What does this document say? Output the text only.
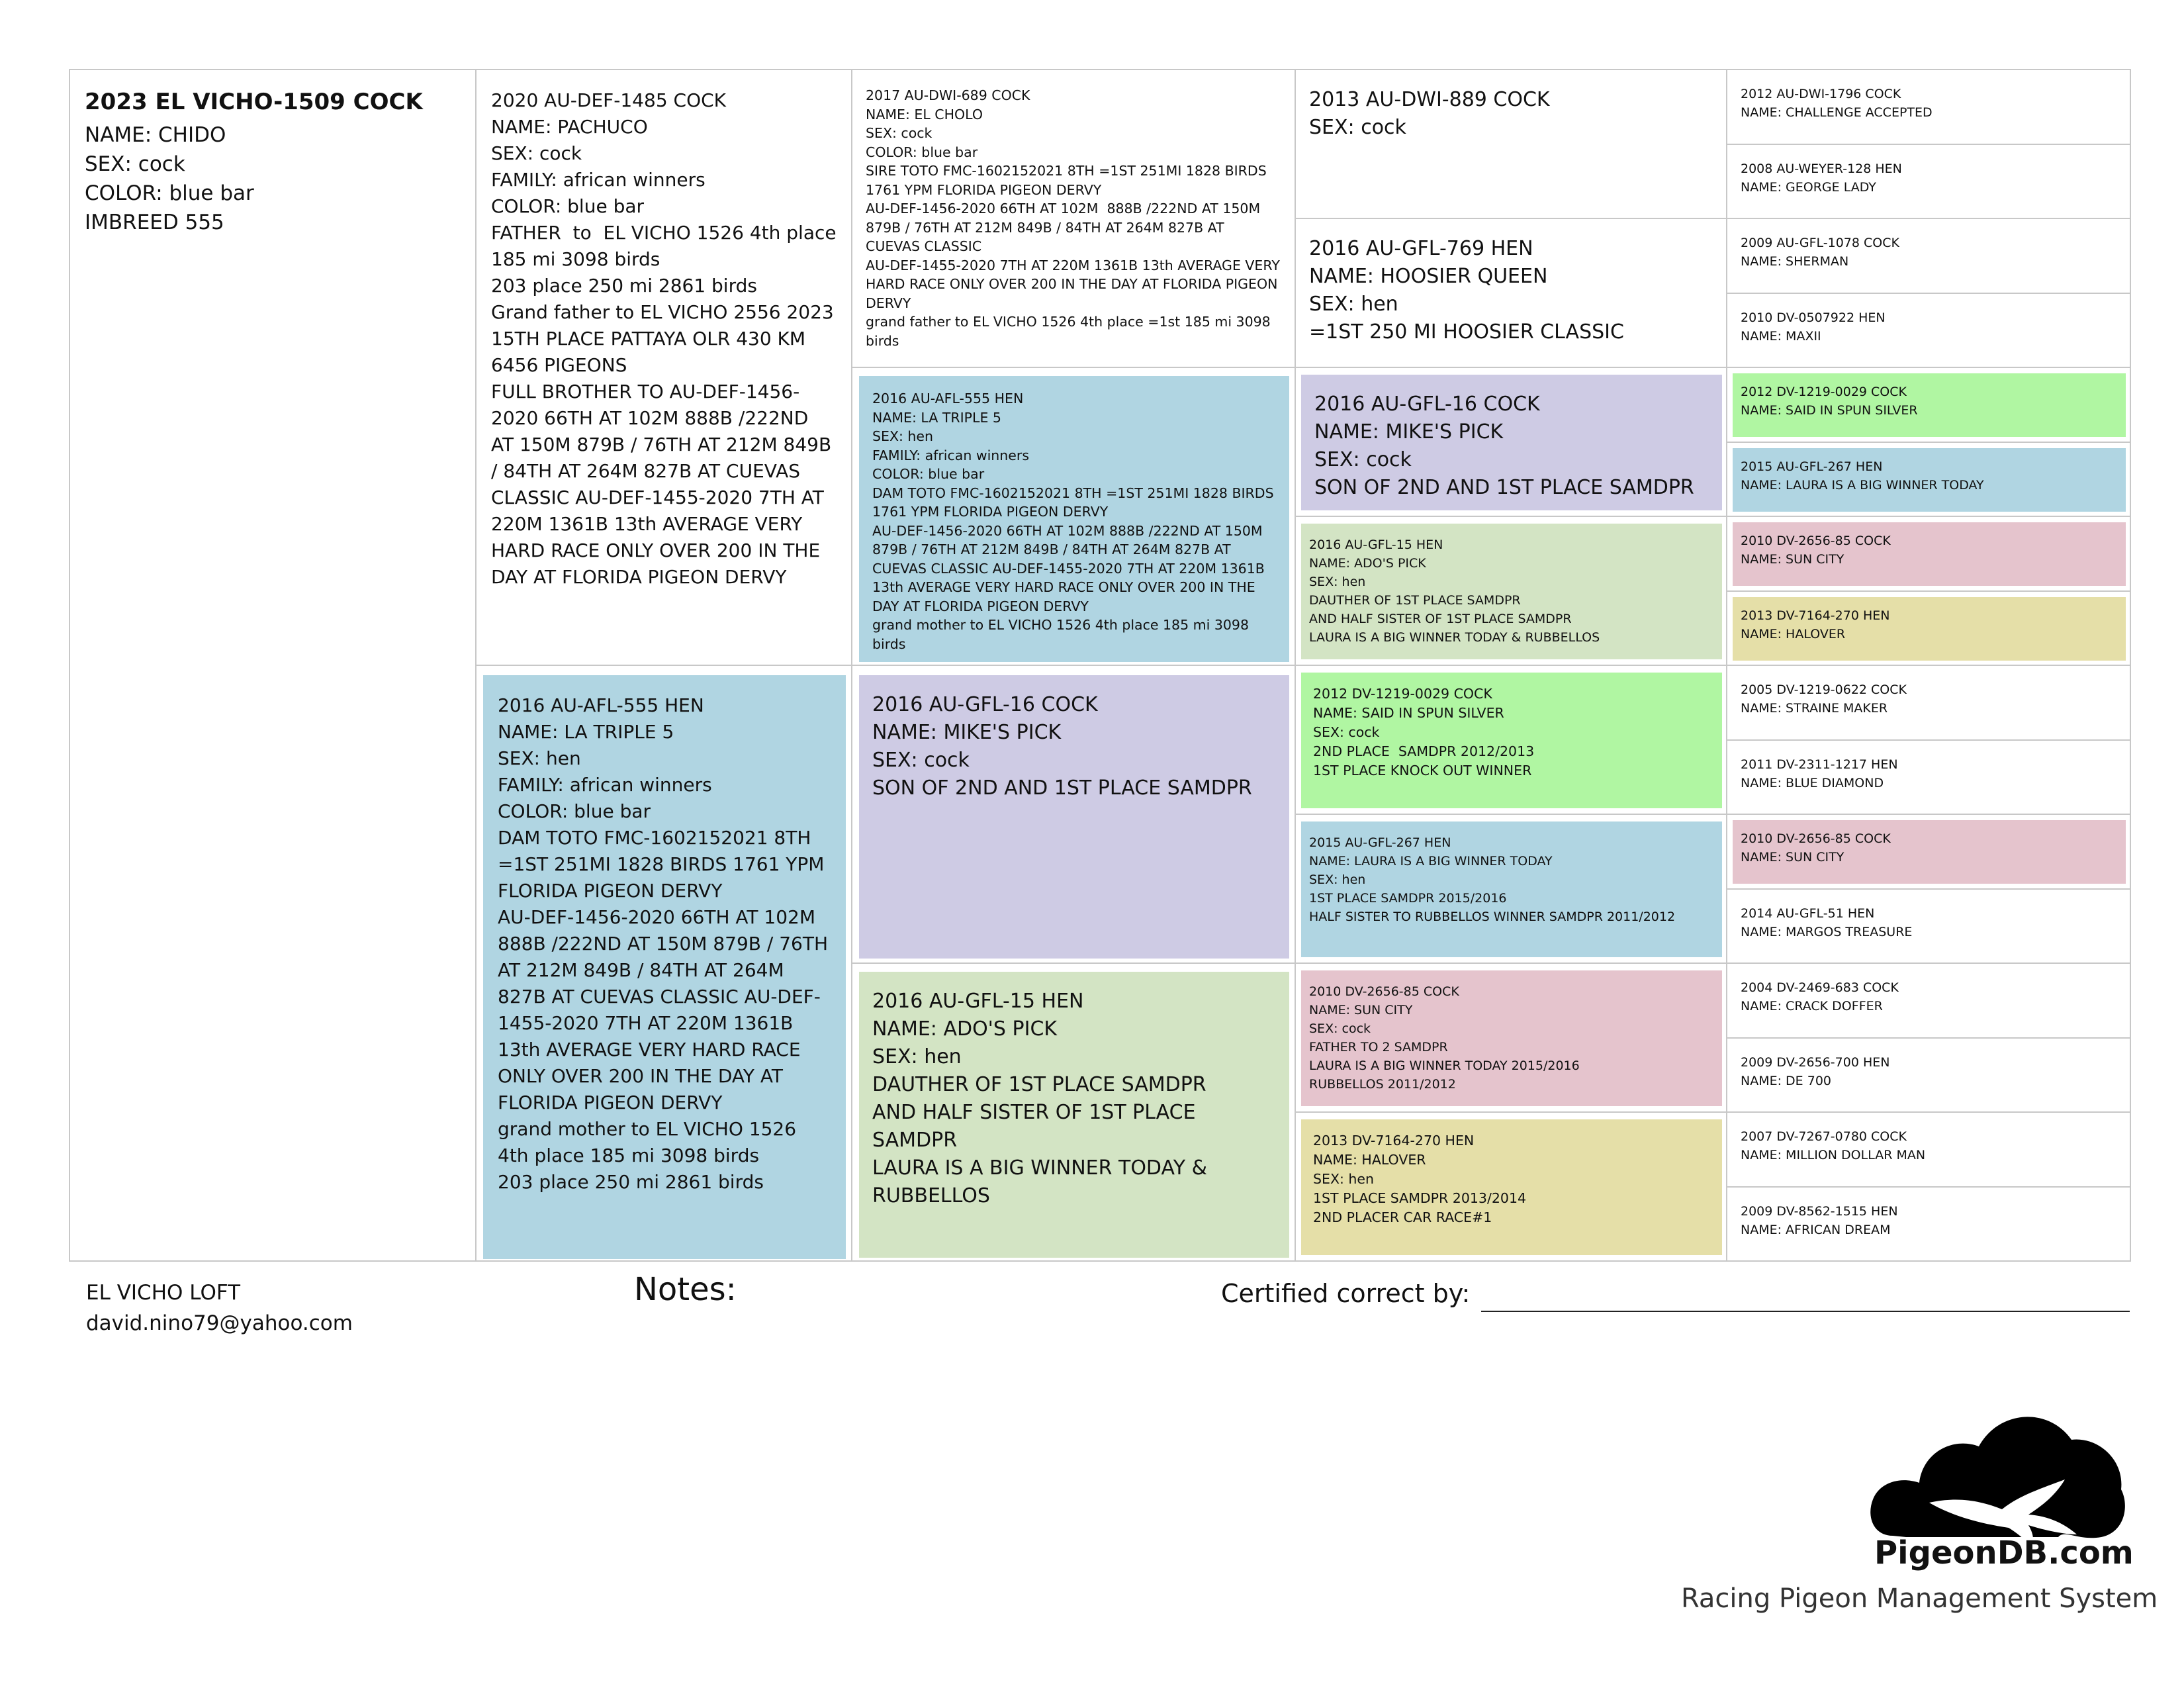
2023 EL VICHO-1509 COCK
NAME: CHIDO
SEX: cock
COLOR: blue bar
IMBREED 555
2020 AU-DEF-1485 COCK
NAME: PACHUCO
SEX: cock
FAMILY: african winners
COLOR: blue bar
FATHER  to  EL VICHO 1526 4th place 185 mi 3098 birds
203 place 250 mi 2861 birds
Grand father to EL VICHO 2556 2023 15TH PLACE PATTAYA OLR 430 KM 6456 PIGEONS
FULL BROTHER TO AU-DEF-1456-2020 66TH AT 102M 888B /222ND AT 150M 879B / 76TH AT 212M 849B / 84TH AT 264M 827B AT CUEVAS CLASSIC AU-DEF-1455-2020 7TH AT 220M 1361B 13th AVERAGE VERY HARD RACE ONLY OVER 200 IN THE DAY AT FLORIDA PIGEON DERVY
2016 AU-AFL-555 HEN
NAME: LA TRIPLE 5
SEX: hen
FAMILY: african winners
COLOR: blue bar
DAM TOTO FMC-1602152021 8TH =1ST 251MI 1828 BIRDS 1761 YPM FLORIDA PIGEON DERVY
AU-DEF-1456-2020 66TH AT 102M 888B /222ND AT 150M 879B / 76TH AT 212M 849B / 84TH AT 264M 827B AT CUEVAS CLASSIC AU-DEF-1455-2020 7TH AT 220M 1361B 13th AVERAGE VERY HARD RACE ONLY OVER 200 IN THE DAY AT FLORIDA PIGEON DERVY
grand mother to EL VICHO 1526 4th place 185 mi 3098 birds
203 place 250 mi 2861 birds
2017 AU-DWI-689 COCK
NAME: EL CHOLO
SEX: cock
COLOR: blue bar
SIRE TOTO FMC-1602152021 8TH =1ST 251MI 1828 BIRDS 1761 YPM FLORIDA PIGEON DERVY
AU-DEF-1456-2020 66TH AT 102M  888B /222ND AT 150M 879B / 76TH AT 212M 849B / 84TH AT 264M 827B AT CUEVAS CLASSIC
AU-DEF-1455-2020 7TH AT 220M 1361B 13th AVERAGE VERY HARD RACE ONLY OVER 200 IN THE DAY AT FLORIDA PIGEON DERVY
grand father to EL VICHO 1526 4th place =1st 185 mi 3098 birds
2016 AU-AFL-555 HEN
NAME: LA TRIPLE 5
SEX: hen
FAMILY: african winners
COLOR: blue bar
DAM TOTO FMC-1602152021 8TH =1ST 251MI 1828 BIRDS 1761 YPM FLORIDA PIGEON DERVY
AU-DEF-1456-2020 66TH AT 102M 888B /222ND AT 150M 879B / 76TH AT 212M 849B / 84TH AT 264M 827B AT CUEVAS CLASSIC AU-DEF-1455-2020 7TH AT 220M 1361B 13th AVERAGE VERY HARD RACE ONLY OVER 200 IN THE DAY AT FLORIDA PIGEON DERVY
grand mother to EL VICHO 1526 4th place 185 mi 3098 birds
2016 AU-GFL-16 COCK
NAME: MIKE'S PICK
SEX: cock
SON OF 2ND AND 1ST PLACE SAMDPR
2016 AU-GFL-15 HEN
NAME: ADO'S PICK
SEX: hen
DAUTHER OF 1ST PLACE SAMDPR
AND HALF SISTER OF 1ST PLACE SAMDPR
LAURA IS A BIG WINNER TODAY & RUBBELLOS
2013 AU-DWI-889 COCK
SEX: cock
2016 AU-GFL-769 HEN
NAME: HOOSIER QUEEN
SEX: hen
=1ST 250 MI HOOSIER CLASSIC
2016 AU-GFL-16 COCK
NAME: MIKE'S PICK
SEX: cock
SON OF 2ND AND 1ST PLACE SAMDPR
2016 AU-GFL-15 HEN
NAME: ADO'S PICK
SEX: hen
DAUTHER OF 1ST PLACE SAMDPR
AND HALF SISTER OF 1ST PLACE SAMDPR
LAURA IS A BIG WINNER TODAY & RUBBELLOS
2012 DV-1219-0029 COCK
NAME: SAID IN SPUN SILVER
SEX: cock
2ND PLACE  SAMDPR 2012/2013
1ST PLACE KNOCK OUT WINNER
2015 AU-GFL-267 HEN
NAME: LAURA IS A BIG WINNER TODAY
SEX: hen
1ST PLACE SAMDPR 2015/2016
HALF SISTER TO RUBBELLOS WINNER SAMDPR 2011/2012
2010 DV-2656-85 COCK
NAME: SUN CITY
SEX: cock
FATHER TO 2 SAMDPR
LAURA IS A BIG WINNER TODAY 2015/2016
RUBBELLOS 2011/2012
2013 DV-7164-270 HEN
NAME: HALOVER
SEX: hen
1ST PLACE SAMDPR 2013/2014
2ND PLACER CAR RACE#1
2012 AU-DWI-1796 COCK
NAME: CHALLENGE ACCEPTED
2008 AU-WEYER-128 HEN
NAME: GEORGE LADY
2009 AU-GFL-1078 COCK
NAME: SHERMAN
2010 DV-0507922 HEN
NAME: MAXII
2012 DV-1219-0029 COCK
NAME: SAID IN SPUN SILVER
2015 AU-GFL-267 HEN
NAME: LAURA IS A BIG WINNER TODAY
2010 DV-2656-85 COCK
NAME: SUN CITY
2013 DV-7164-270 HEN
NAME: HALOVER
2005 DV-1219-0622 COCK
NAME: STRAINE MAKER
2011 DV-2311-1217 HEN
NAME: BLUE DIAMOND
2010 DV-2656-85 COCK
NAME: SUN CITY
2014 AU-GFL-51 HEN
NAME: MARGOS TREASURE
2004 DV-2469-683 COCK
NAME: CRACK DOFFER
2009 DV-2656-700 HEN
NAME: DE 700
2007 DV-7267-0780 COCK
NAME: MILLION DOLLAR MAN
2009 DV-8562-1515 HEN
NAME: AFRICAN DREAM
EL VICHO LOFT
david.nino79@yahoo.com
Notes:	Certified correct by:
PigeonDB.com
Racing Pigeon Management System
